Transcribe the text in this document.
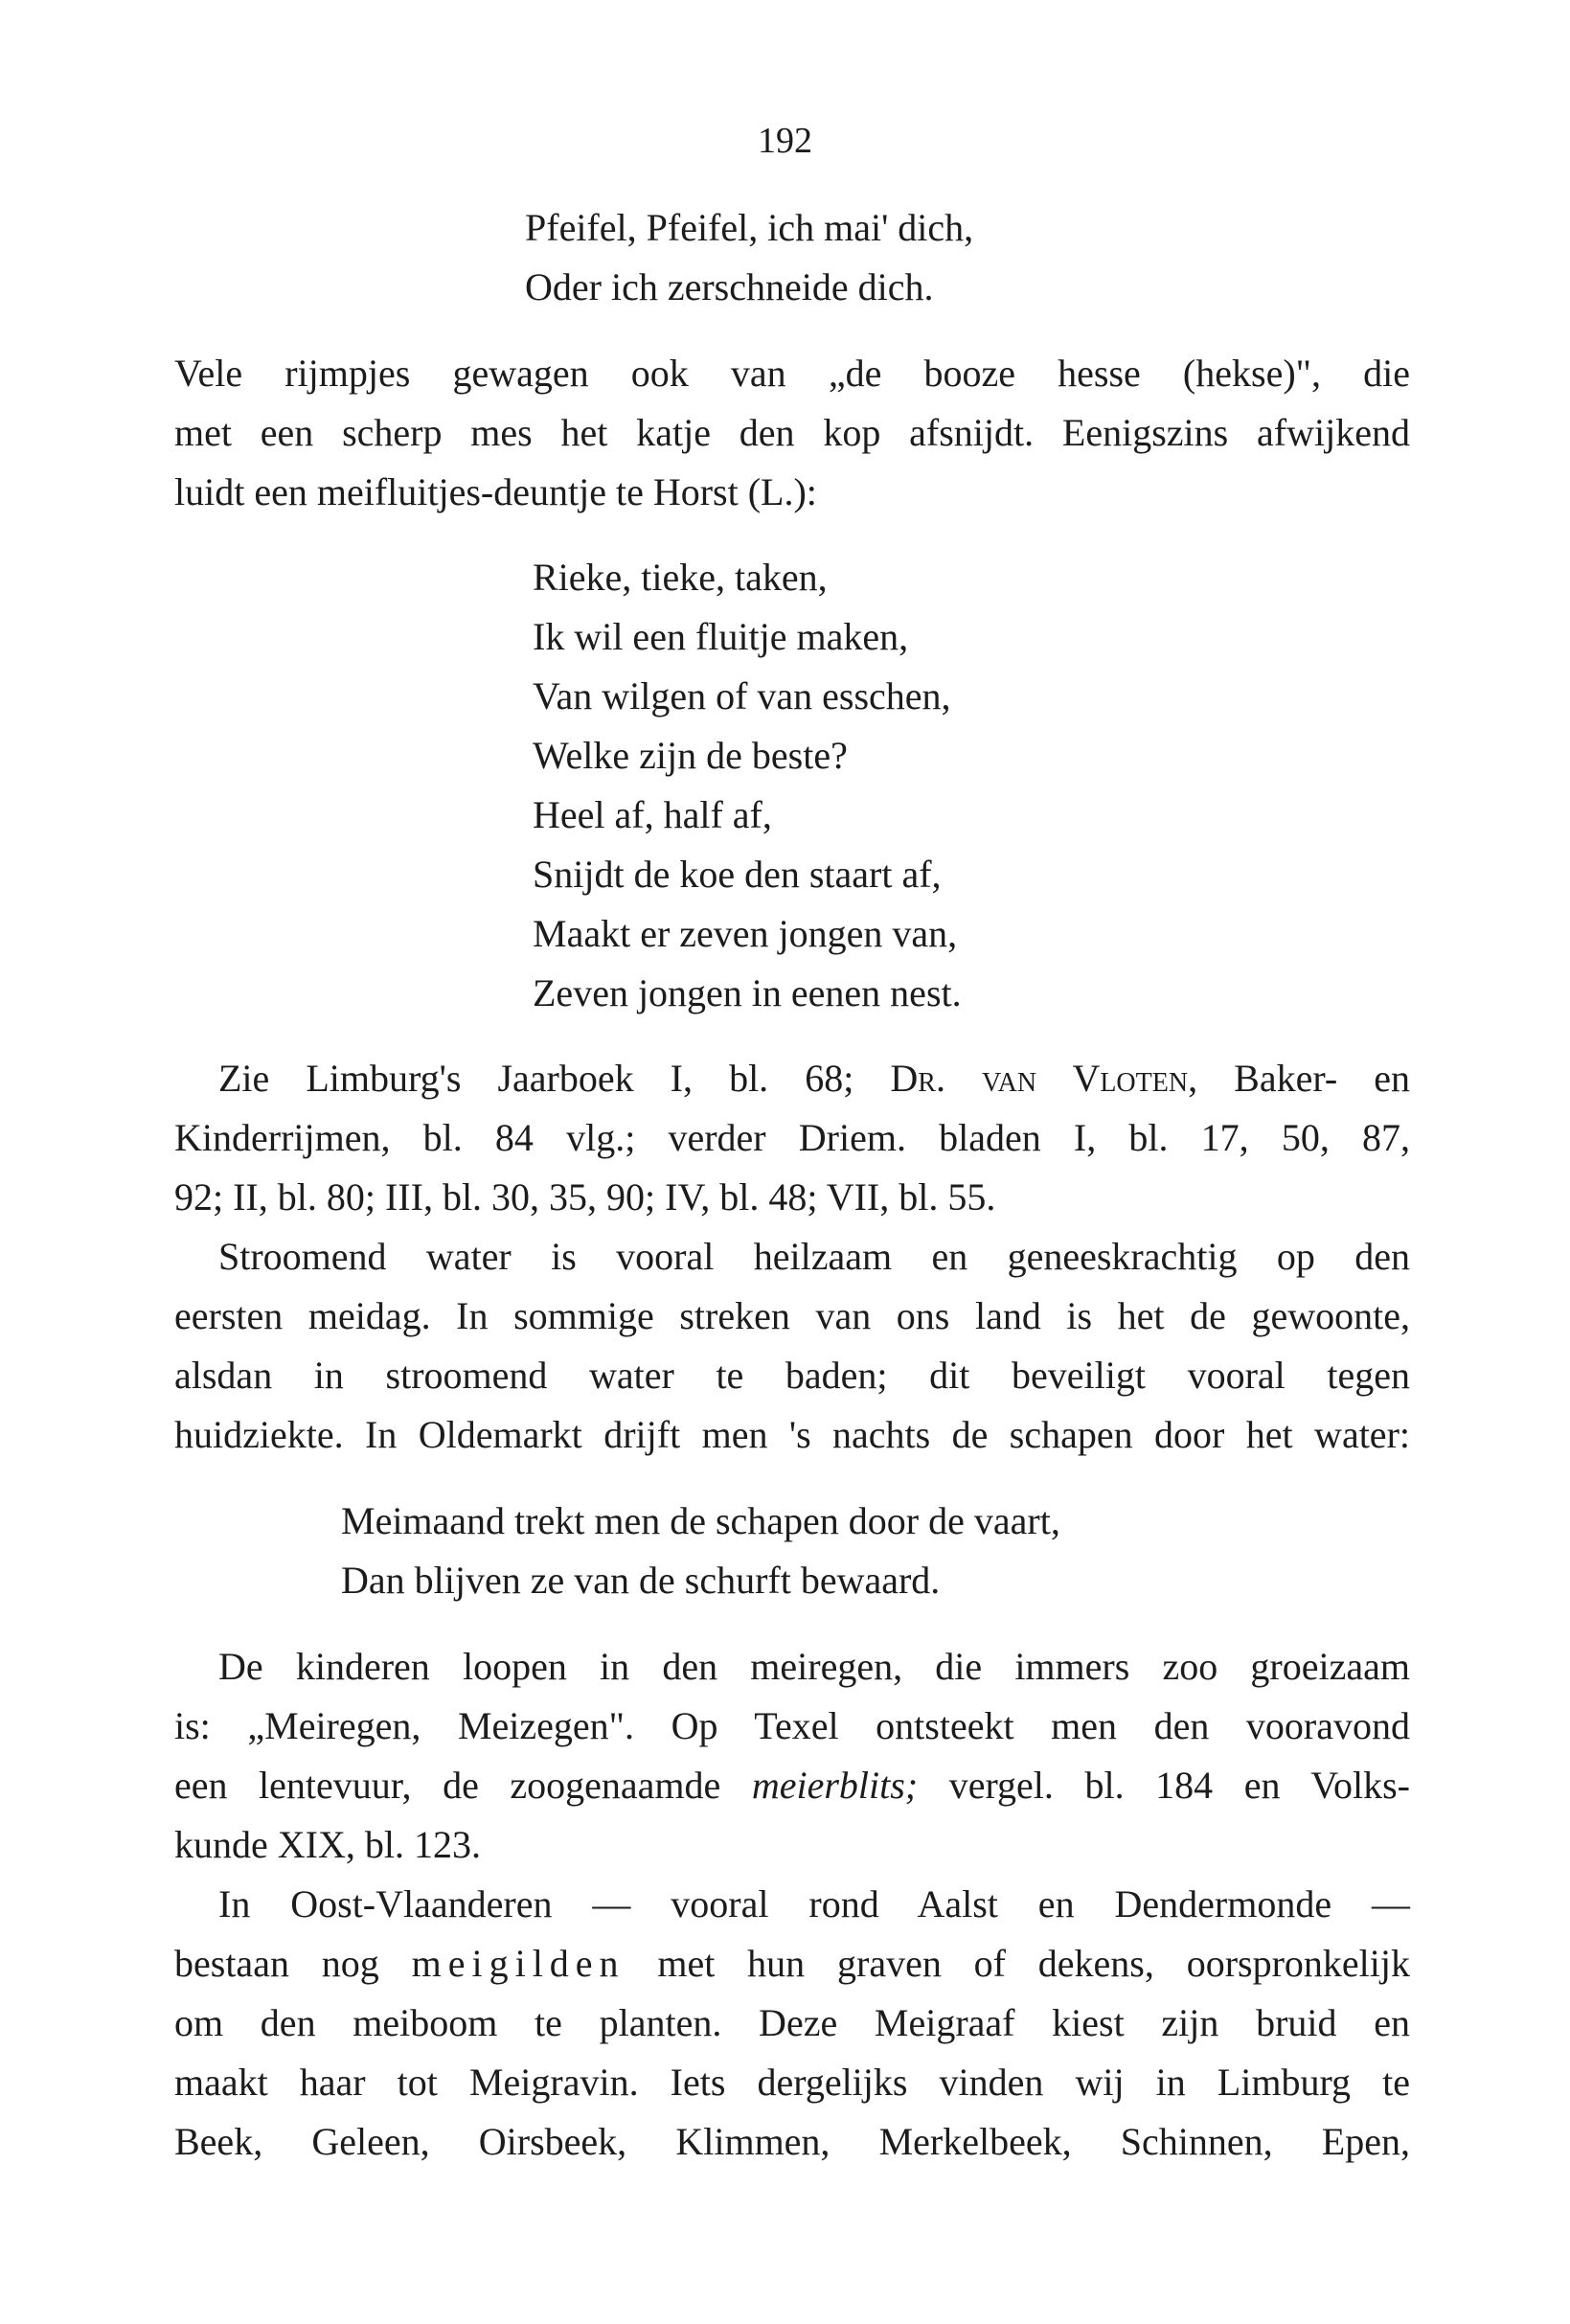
192
Pfeifel, Pfeifel, ich mai' dich,
Oder ich zerschneide dich.
Vele rijmpjes gewagen ook van „de booze hesse (hekse)", die
met een scherp mes het katje den kop afsnijdt. Eenigszins afwijkend
luidt een meifluitjes-deuntje te Horst (L.):
Rieke, tieke, taken,
Ik wil een fluitje maken,
Van wilgen of van esschen,
Welke zijn de beste?
Heel af, half af,
Snijdt de koe den staart af,
Maakt er zeven jongen van,
Zeven jongen in eenen nest.
Zie Limburg's Jaarboek I, bl. 68; Dr. van Vloten, Baker- en
Kinderrijmen, bl. 84 vlg.; verder Driem. bladen I, bl. 17, 50, 87,
92; II, bl. 80; III, bl. 30, 35, 90; IV, bl. 48; VII, bl. 55.
Stroomend water is vooral heilzaam en geneeskrachtig op den
eersten meidag. In sommige streken van ons land is het de gewoonte,
alsdan in stroomend water te baden; dit beveiligt vooral tegen
huidziekte. In Oldemarkt drijft men 's nachts de schapen door het water:
Meimaand trekt men de schapen door de vaart,
Dan blijven ze van de schurft bewaard.
De kinderen loopen in den meiregen, die immers zoo groeizaam
is: „Meiregen, Meizegen". Op Texel ontsteekt men den vooravond
een lentevuur, de zoogenaamde meierblits; vergel. bl. 184 en Volks-
kunde XIX, bl. 123.
In Oost-Vlaanderen — vooral rond Aalst en Dendermonde —
bestaan nog meigilden met hun graven of dekens, oorspronkelijk
om den meiboom te planten. Deze Meigraaf kiest zijn bruid en
maakt haar tot Meigravin. Iets dergelijks vinden wij in Limburg te
Beek, Geleen, Oirsbeek, Klimmen, Merkelbeek, Schinnen, Epen,
